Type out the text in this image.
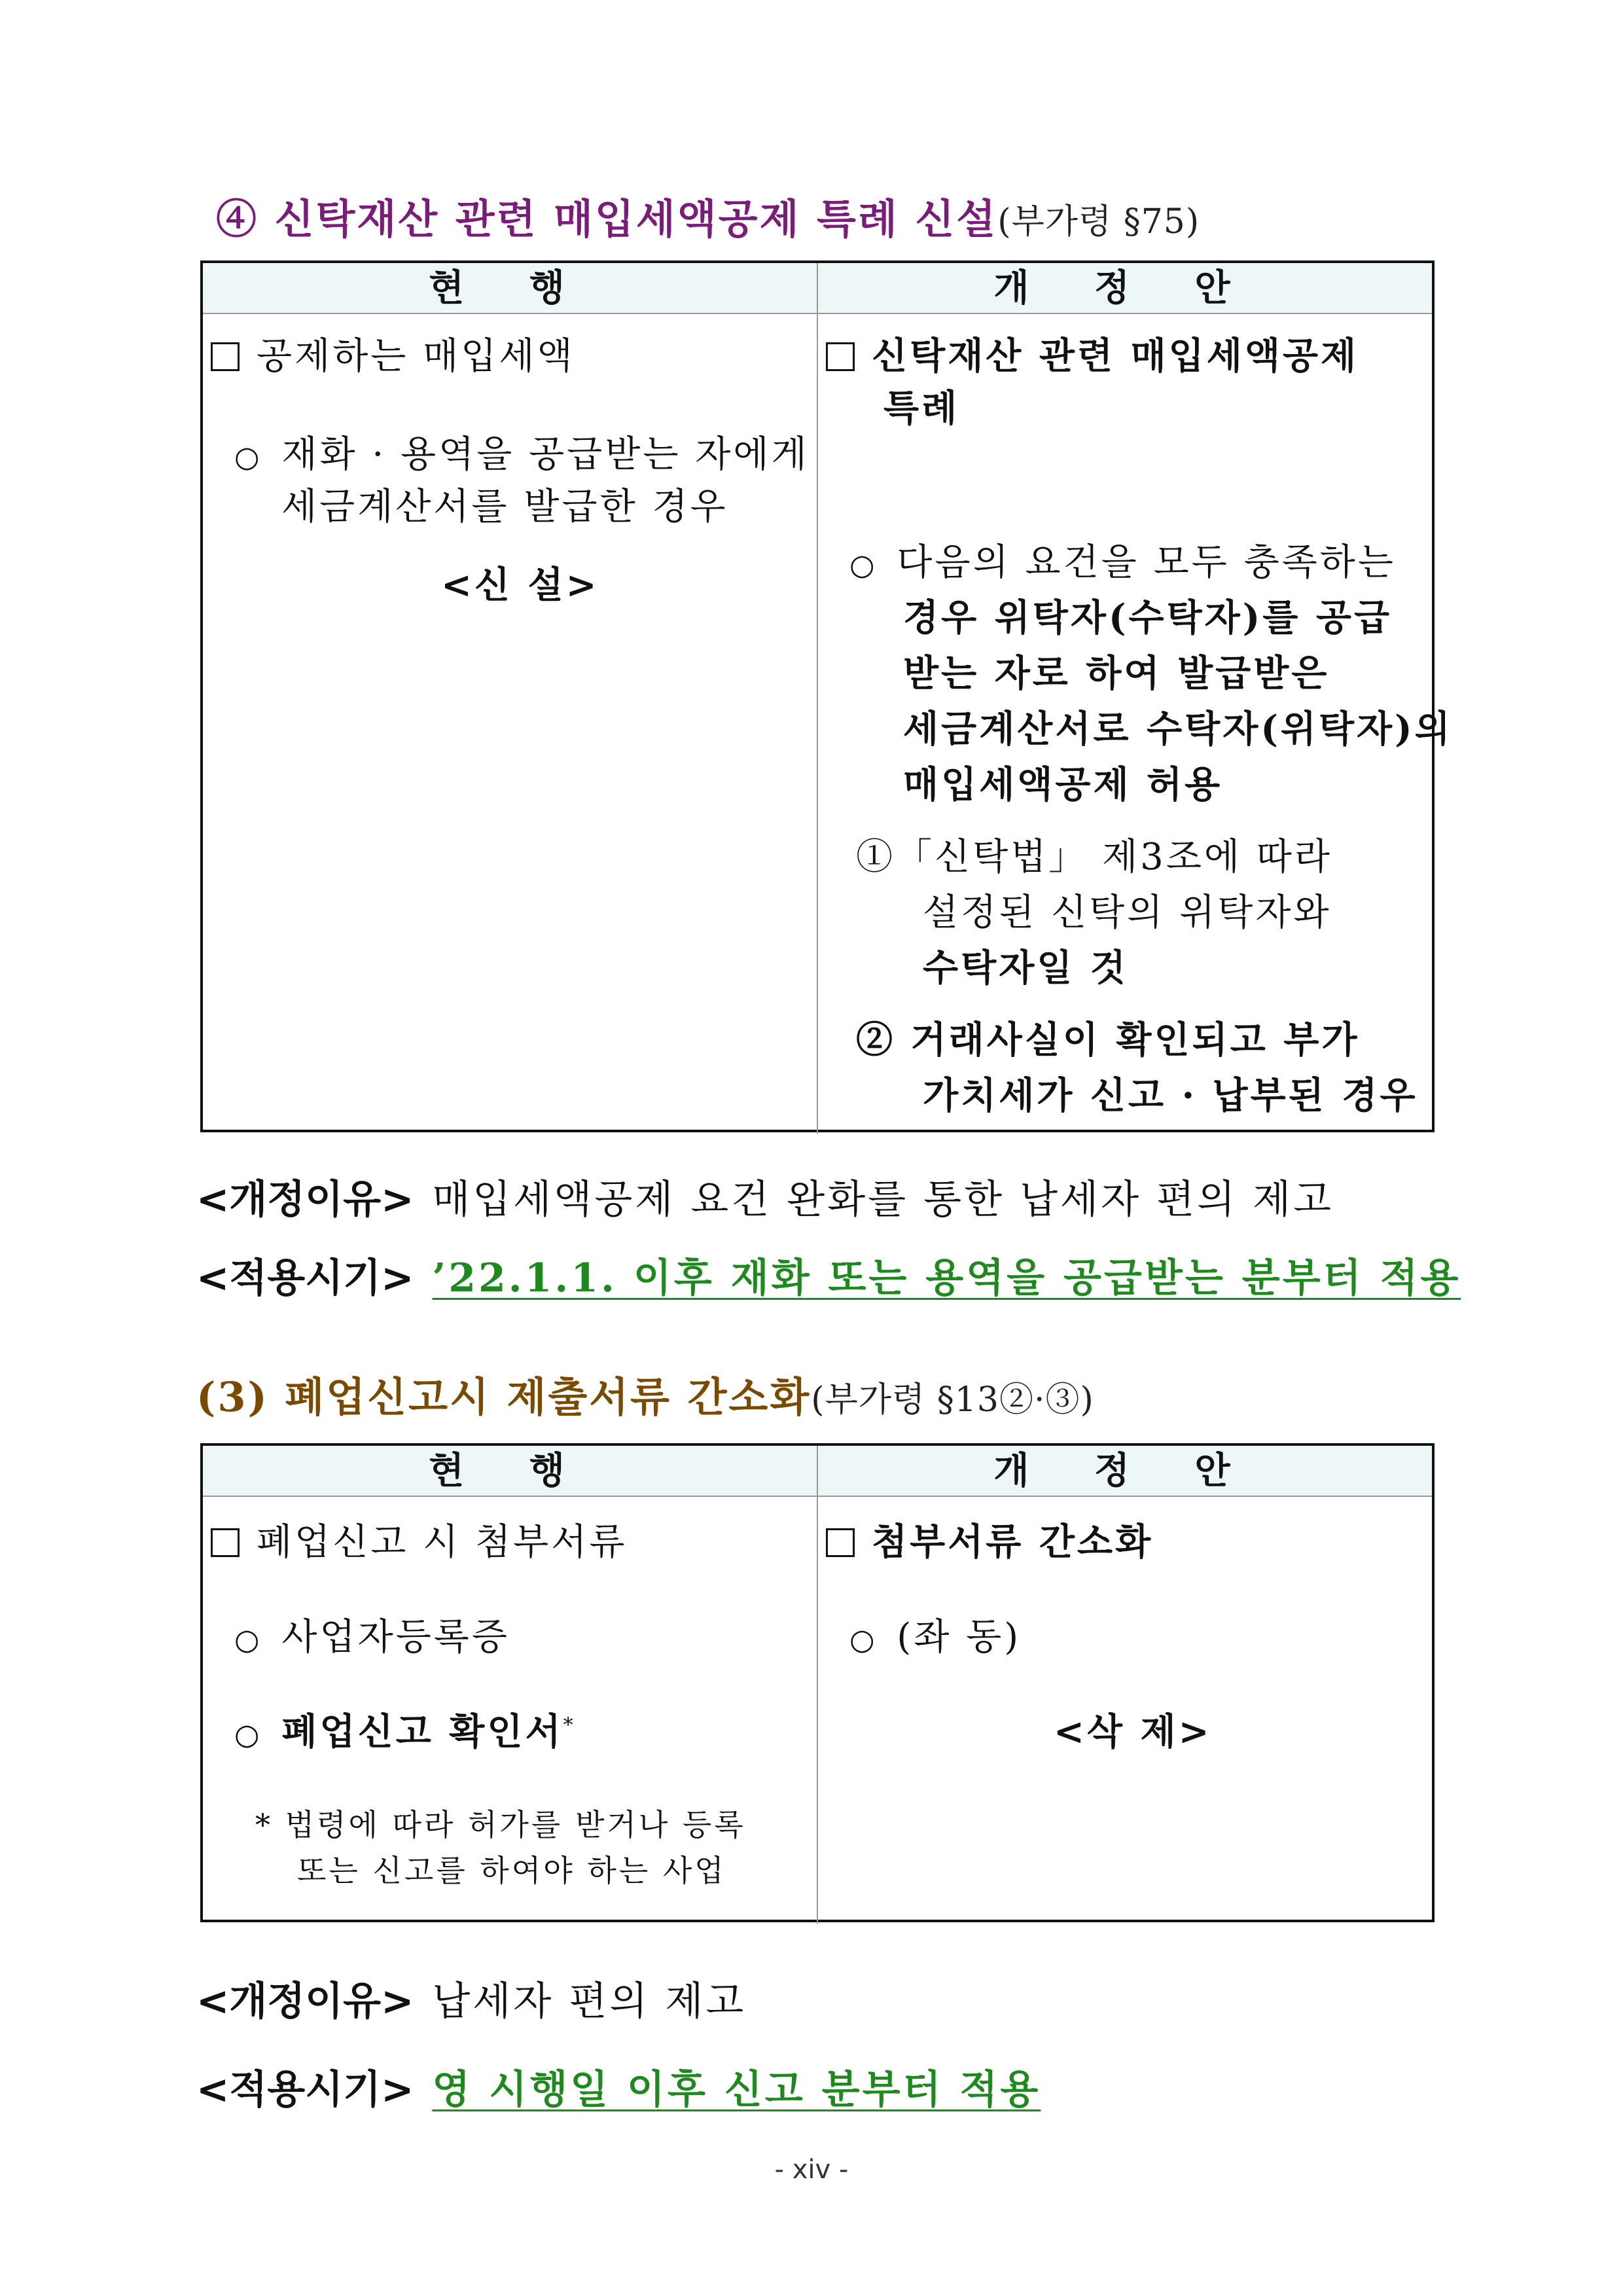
④ 신탁재산 관련 매입세액공제 특례 신설(부가령 §75)
현 행	개 정 안
공제하는 매입세액
○ 재화 · 용역을 공급받는 자에게
세금계산서를 발급한 경우
<신 설>
신탁재산 관련 매입세액공제
특례
○ 다음의 요건을 모두 충족하는
경우 위탁자(수탁자)를 공급
받는 자로 하여 발급받은
세금계산서로 수탁자(위탁자)의
매입세액공제 허용
①「신탁법」 제3조에 따라
설정된 신탁의 위탁자와
수탁자일 것
② 거래사실이 확인되고 부가
가치세가 신고 · 납부된 경우
<개정이유> 매입세액공제 요건 완화를 통한 납세자 편의 제고
<적용시기> ’22.1.1. 이후 재화 또는 용역을 공급받는 분부터 적용
(3) 폐업신고시 제출서류 간소화(부가령 §13②·③)
현 행	개 정 안
폐업신고 시 첨부서류
○ 사업자등록증
○ 폐업신고 확인서*
* 법령에 따라 허가를 받거나 등록
또는 신고를 하여야 하는 사업
첨부서류 간소화
○ (좌 동)
<삭 제>
<개정이유> 납세자 편의 제고
<적용시기> 영 시행일 이후 신고 분부터 적용
- xiv -
